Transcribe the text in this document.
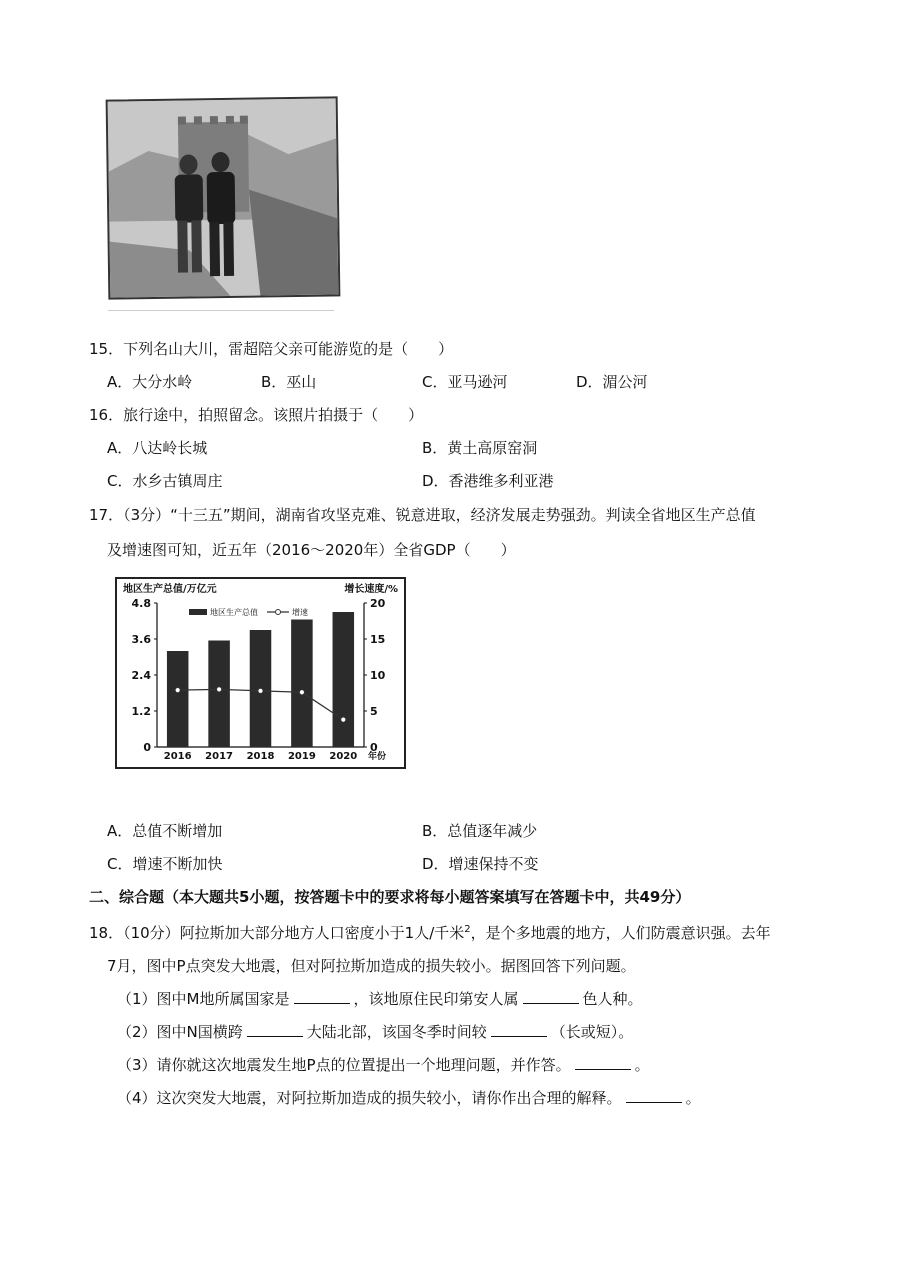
15．下列名山大川，雷超陪父亲可能游览的是（　　）
A．大分水岭	B．巫山	C．亚马逊河	D．湄公河
16．旅行途中，拍照留念。该照片拍摄于（　　）
A．八达岭长城	B．黄土高原窑洞
C．水乡古镇周庄	D．香港维多利亚港
17．（3分）“十三五”期间，湖南省攻坚克难、锐意进取，经济发展走势强劲。判读全省地区生产总值
及增速图可知，近五年（2016～2020年）全省GDP（　　）
地区生产总值/万亿元	增长速度/%
4.8
3.6
2.4
1.2
0
20
15
10
5
0
2016 2017 2018 2019 2020 年份
地区生产总值	增速
A．总值不断增加	B．总值逐年减少
C．增速不断加快	D．增速保持不变
二、综合题（本大题共5小题，按答题卡中的要求将每小题答案填写在答题卡中，共49分）
18．（10分）阿拉斯加大部分地方人口密度小于1人/千米$^2$，是个多地震的地方，人们防震意识强。去年
7月，图中P点突发大地震，但对阿拉斯加造成的损失较小。据图回答下列问题。
（1）图中M地所属国家是	，该地原住民印第安人属	色人种。
（2）图中N国横跨	大陆北部，该国冬季时间较	（长或短）。
（3）请你就这次地震发生地P点的位置提出一个地理问题，并作答。	。
（4）这次突发大地震，对阿拉斯加造成的损失较小，请你作出合理的解释。	。
